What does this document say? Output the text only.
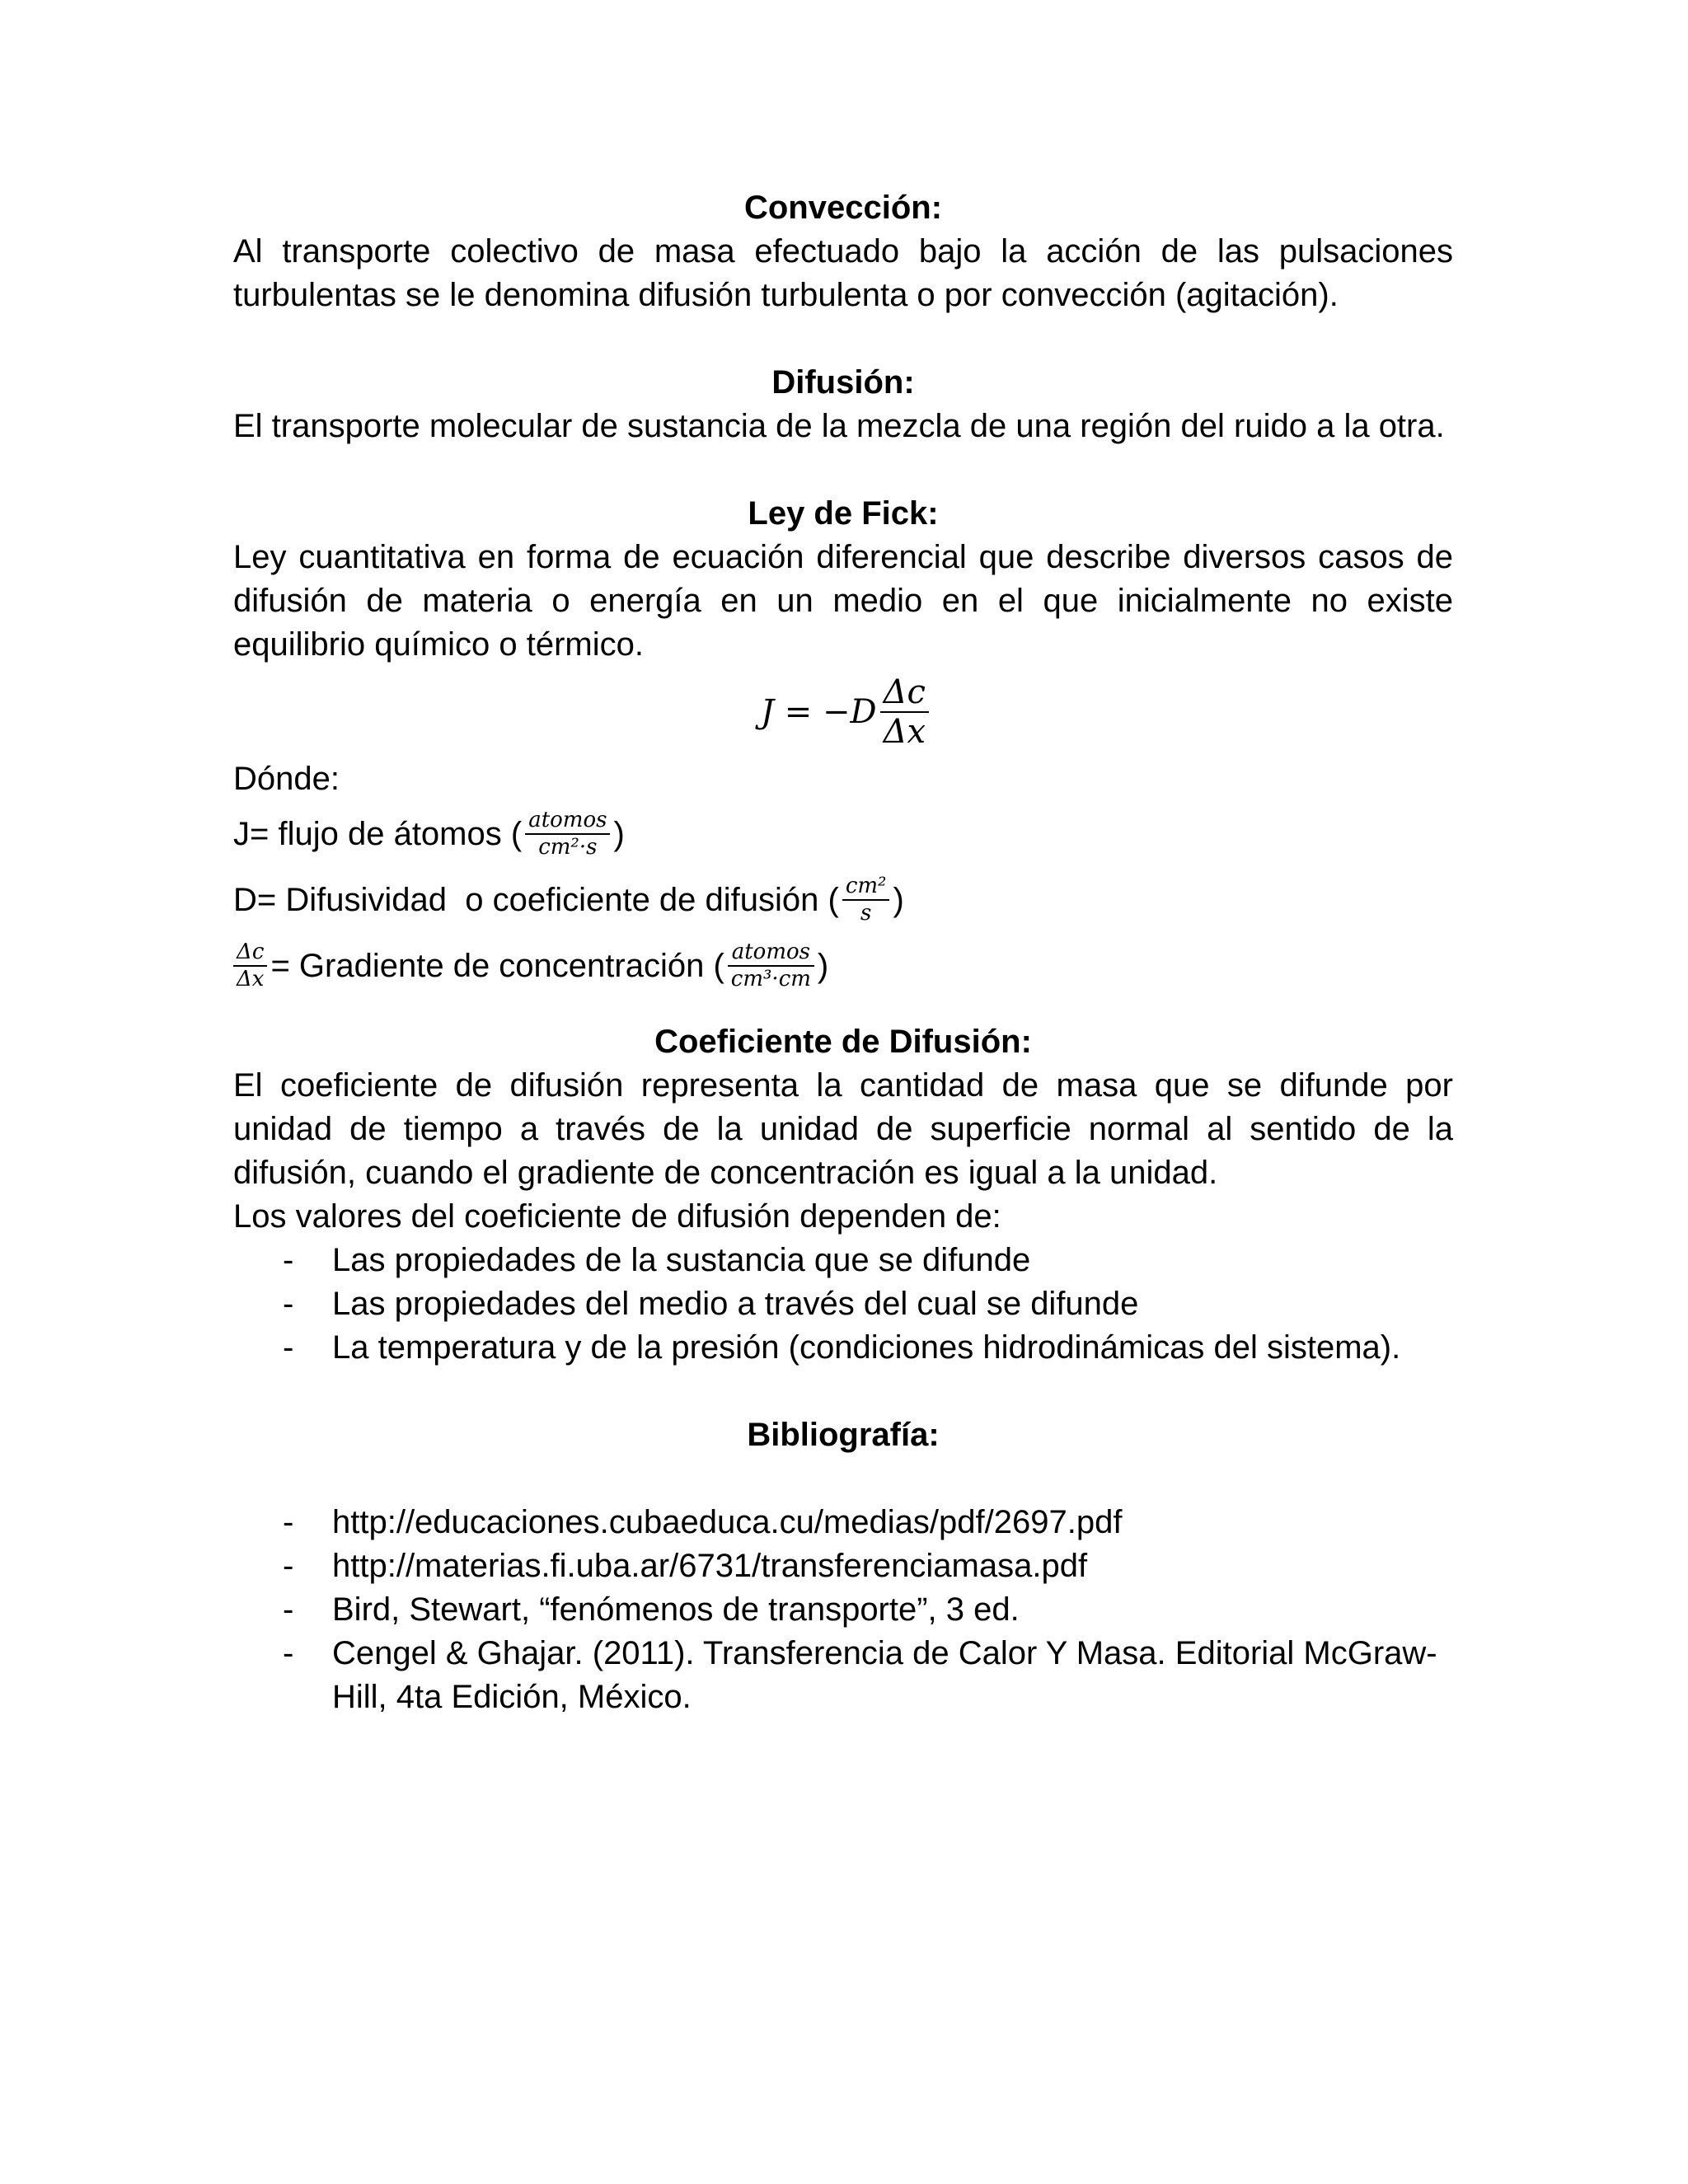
Convección:

Al transporte colectivo de masa efectuado bajo la acción de las pulsaciones turbulentas se le denomina difusión turbulenta o por convección (agitación).

Difusión:

El transporte molecular de sustancia de la mezcla de una región del ruido a la otra.

Ley de Fick:

Ley cuantitativa en forma de ecuación diferencial que describe diversos casos de difusión de materia o energía en un medio en el que inicialmente no existe equilibrio químico o térmico.

$J = -D \frac{\Delta c}{\Delta x}$

Dónde:

J= flujo de átomos ( $\frac{\text{atomos}}{\text{cm²·s}}$ )
D= Difusividad  o coeficiente de difusión ( $\frac{\text{cm²}}{s}$ )
$\frac{\Delta c}{\Delta x}$ = Gradiente de concentración ( $\frac{\text{atomos}}{\text{cm³·cm}}$ )

Coeficiente de Difusión:

El coeficiente de difusión representa la cantidad de masa que se difunde por unidad de tiempo a través de la unidad de superficie normal al sentido de la difusión, cuando el gradiente de concentración es igual a la unidad.

Los valores del coeficiente de difusión dependen de:

- Las propiedades de la sustancia que se difunde
- Las propiedades del medio a través del cual se difunde
- La temperatura y de la presión (condiciones hidrodinámicas del sistema).

Bibliografía:

- http://educaciones.cubaeduca.cu/medias/pdf/2697.pdf
- http://materias.fi.uba.ar/6731/transferenciamasa.pdf
- Bird, Stewart, “fenómenos de transporte”, 3 ed.
- Cengel & Ghajar. (2011). Transferencia de Calor Y Masa. Editorial McGraw-Hill, 4ta Edición, México.
